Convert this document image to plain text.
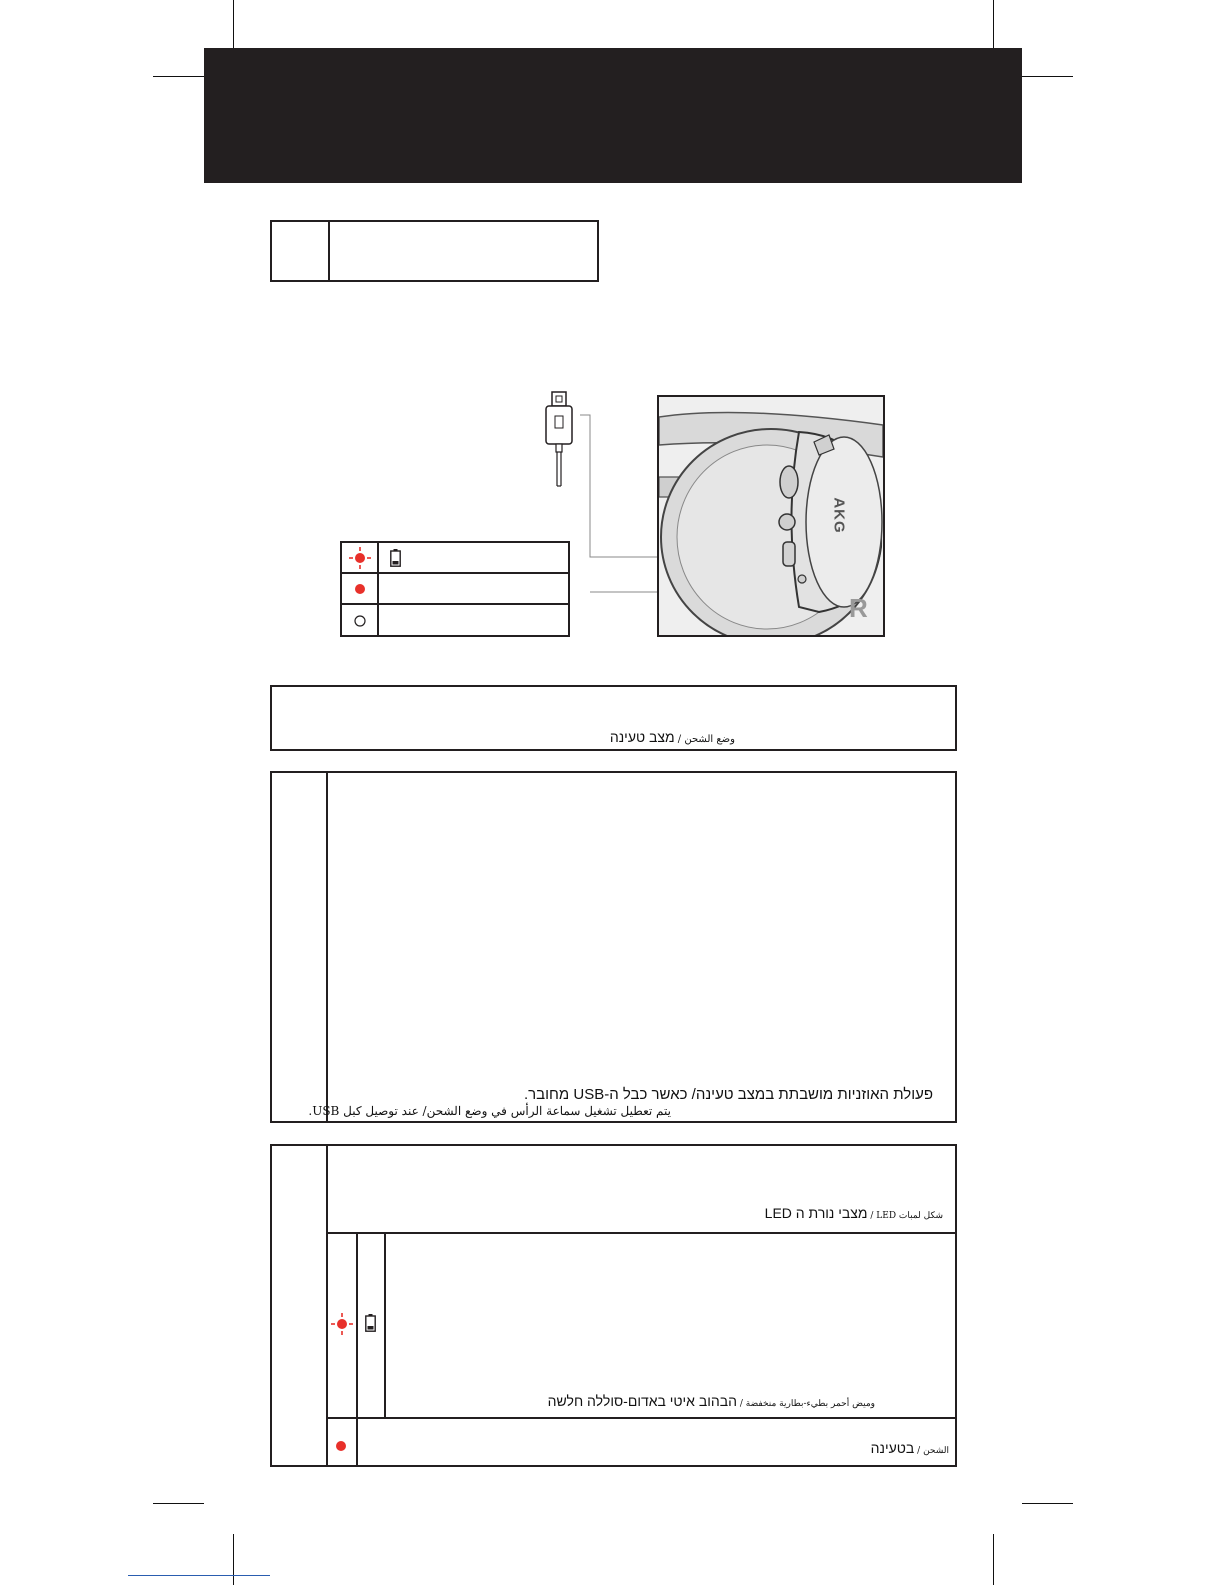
AKG
R
وضع الشحن / מצב טעינה
פעולת האוזניות מושבתת במצב טעינה/ כאשר כבל ה-USB מחובר.
يتم تعطيل تشغيل سماعة الرأس في وضع الشحن/ عند توصيل كبل USB.
شكل لمبات LED / מצבי נורת ה LED
وميض أحمر بطيء-بطارية منخفضة / הבהוב איטי באדום-סוללה חלשה
الشحن / בטעינה
